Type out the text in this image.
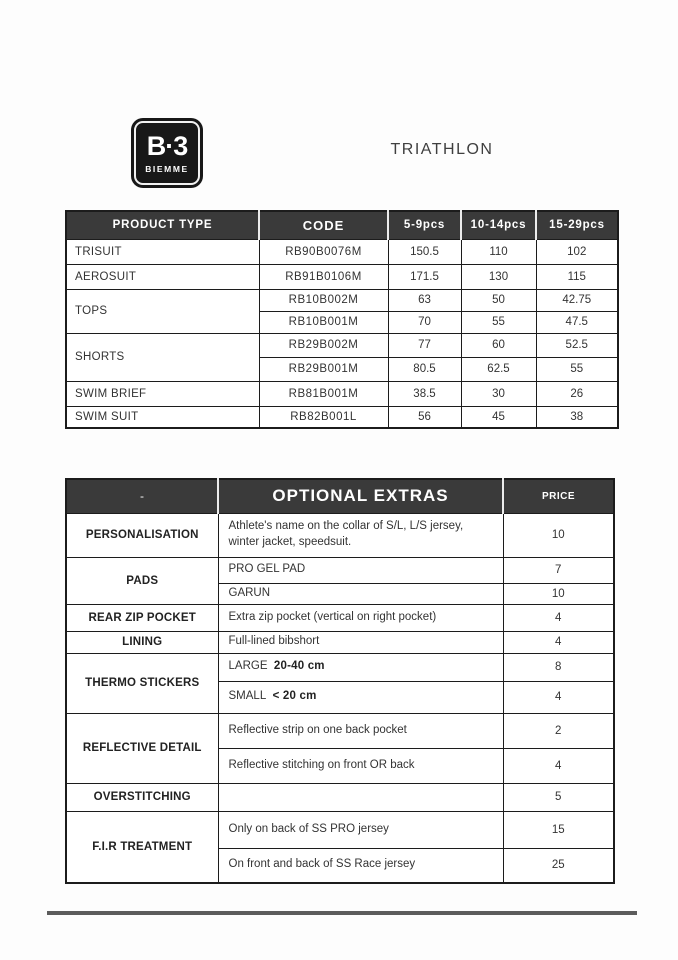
B·3
BIEMME
TRIATHLON
PRODUCT TYPE	CODE	5-9pcs	10-14pcs	15-29pcs
TRISUIT	RB90B0076M	150.5	110	102
AEROSUIT	RB91B0106M	171.5	130	115
TOPS	RB10B002M	63	50	42.75
	RB10B001M	70	55	47.5
SHORTS	RB29B002M	77	60	52.5
	RB29B001M	80.5	62.5	55
SWIM BRIEF	RB81B001M	38.5	30	26
SWIM SUIT	RB82B001L	56	45	38
-	OPTIONAL EXTRAS	PRICE
PERSONALISATION	Athlete's name on the collar of S/L, L/S jersey, winter jacket, speedsuit.	10
PADS	PRO GEL PAD	7
	GARUN	10
REAR ZIP POCKET	Extra zip pocket (vertical on right pocket)	4
LINING	Full-lined bibshort	4
THERMO STICKERS	LARGE 20-40 cm	8
	SMALL < 20 cm	4
REFLECTIVE DETAIL	Reflective strip on one back pocket	2
	Reflective stitching on front OR back	4
OVERSTITCHING		5
F.I.R TREATMENT	Only on back of SS PRO jersey	15
	On front and back of SS Race jersey	25
